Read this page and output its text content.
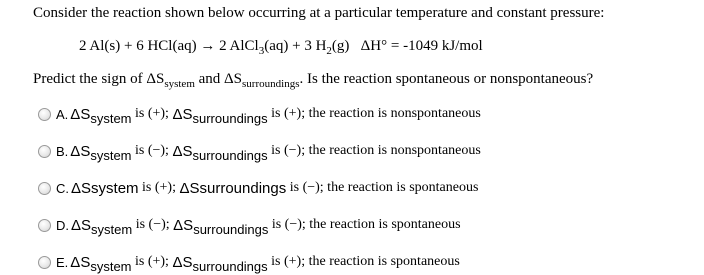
Consider the reaction shown below occurring at a particular temperature and constant pressure:
2 Al(s) + 6 HCl(aq) → 2 AlCl$_3$(aq) + 3 $H_2(g) \Delta H^\circ = -1049$ kJ/mol
Predict the sign of $\Delta S_{system}$ and $\Delta S_{surroundings}$. Is the reaction spontaneous or nonspontaneous?
A. ΔS system is (+); ΔS surroundings is (+); the reaction is nonspontaneous
B. ΔS system is (−); ΔS surroundings is (−); the reaction is nonspontaneous
C. ΔSsystem is (+); ΔSsurroundings is (−); the reaction is spontaneous
D. ΔS system is (−); ΔS surroundings is (−); the reaction is spontaneous
E. ΔS system is (+); ΔS surroundings is (+); the reaction is spontaneous
